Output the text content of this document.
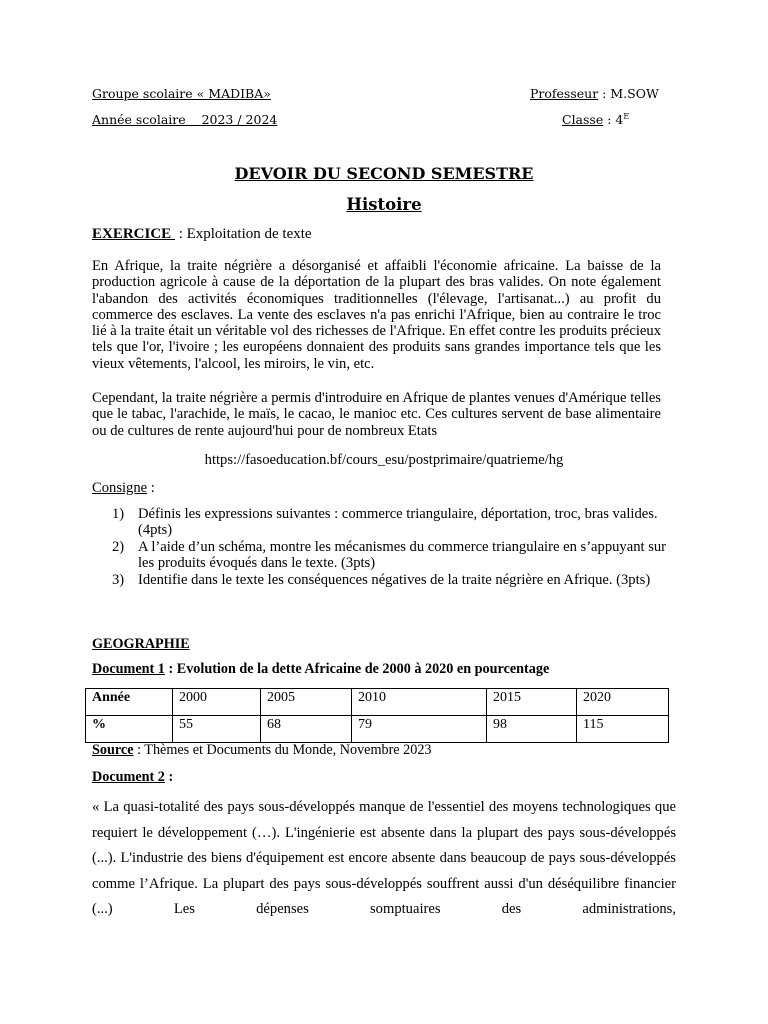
Groupe scolaire « MADIBA»	Professeur : M.SOW
Année scolaire 2023 / 2024	Classe : $4^E$
DEVOIR DU SECOND SEMESTRE
Histoire
EXERCICE  : Exploitation de texte

En Afrique, la traite négrière a désorganisé et affaibli l'économie africaine. La baisse de la production agricole à cause de la déportation de la plupart des bras valides. On note également l'abandon des activités économiques traditionnelles (l'élevage, l'artisanat...) au profit du commerce des esclaves. La vente des esclaves n'a pas enrichi l'Afrique, bien au contraire le troc lié à la traite était un véritable vol des richesses de l'Afrique. En effet contre les produits précieux tels que l'or, l'ivoire ; les européens donnaient des produits sans grandes importance tels que les vieux vêtements, l'alcool, les miroirs, le vin, etc.

Cependant, la traite négrière a permis d'introduire en Afrique de plantes venues d'Amérique telles que le tabac, l'arachide, le maïs, le cacao, le manioc etc. Ces cultures servent de base alimentaire ou de cultures de rente aujourd'hui pour de nombreux Etats

https://fasoeducation.bf/cours_esu/postprimaire/quatrieme/hg
Consigne :
1) Définis les expressions suivantes : commerce triangulaire, déportation, troc, bras valides. (4pts)
2) A l’aide d’un schéma, montre les mécanismes du commerce triangulaire en s’appuyant sur les produits évoqués dans le texte. (3pts)
3) Identifie dans le texte les conséquences négatives de la traite négrière en Afrique. (3pts)
GEOGRAPHIE
Document 1 : Evolution de la dette Africaine de 2000 à 2020 en pourcentage
Année	2000	2005	2010	2015	2020
%	55	68	79	98	115
Source : Thèmes et Documents du Monde, Novembre 2023
Document 2 :

« La quasi-totalité des pays sous-développés manque de l'essentiel des moyens technologiques que requiert le développement (…). L'ingénierie est absente dans la plupart des pays sous-développés (...). L'industrie des biens d'équipement est encore absente dans beaucoup de pays sous-développés comme l’Afrique. La plupart des pays sous-développés souffrent aussi d'un déséquilibre financier (...) Les dépenses somptuaires des administrations,
